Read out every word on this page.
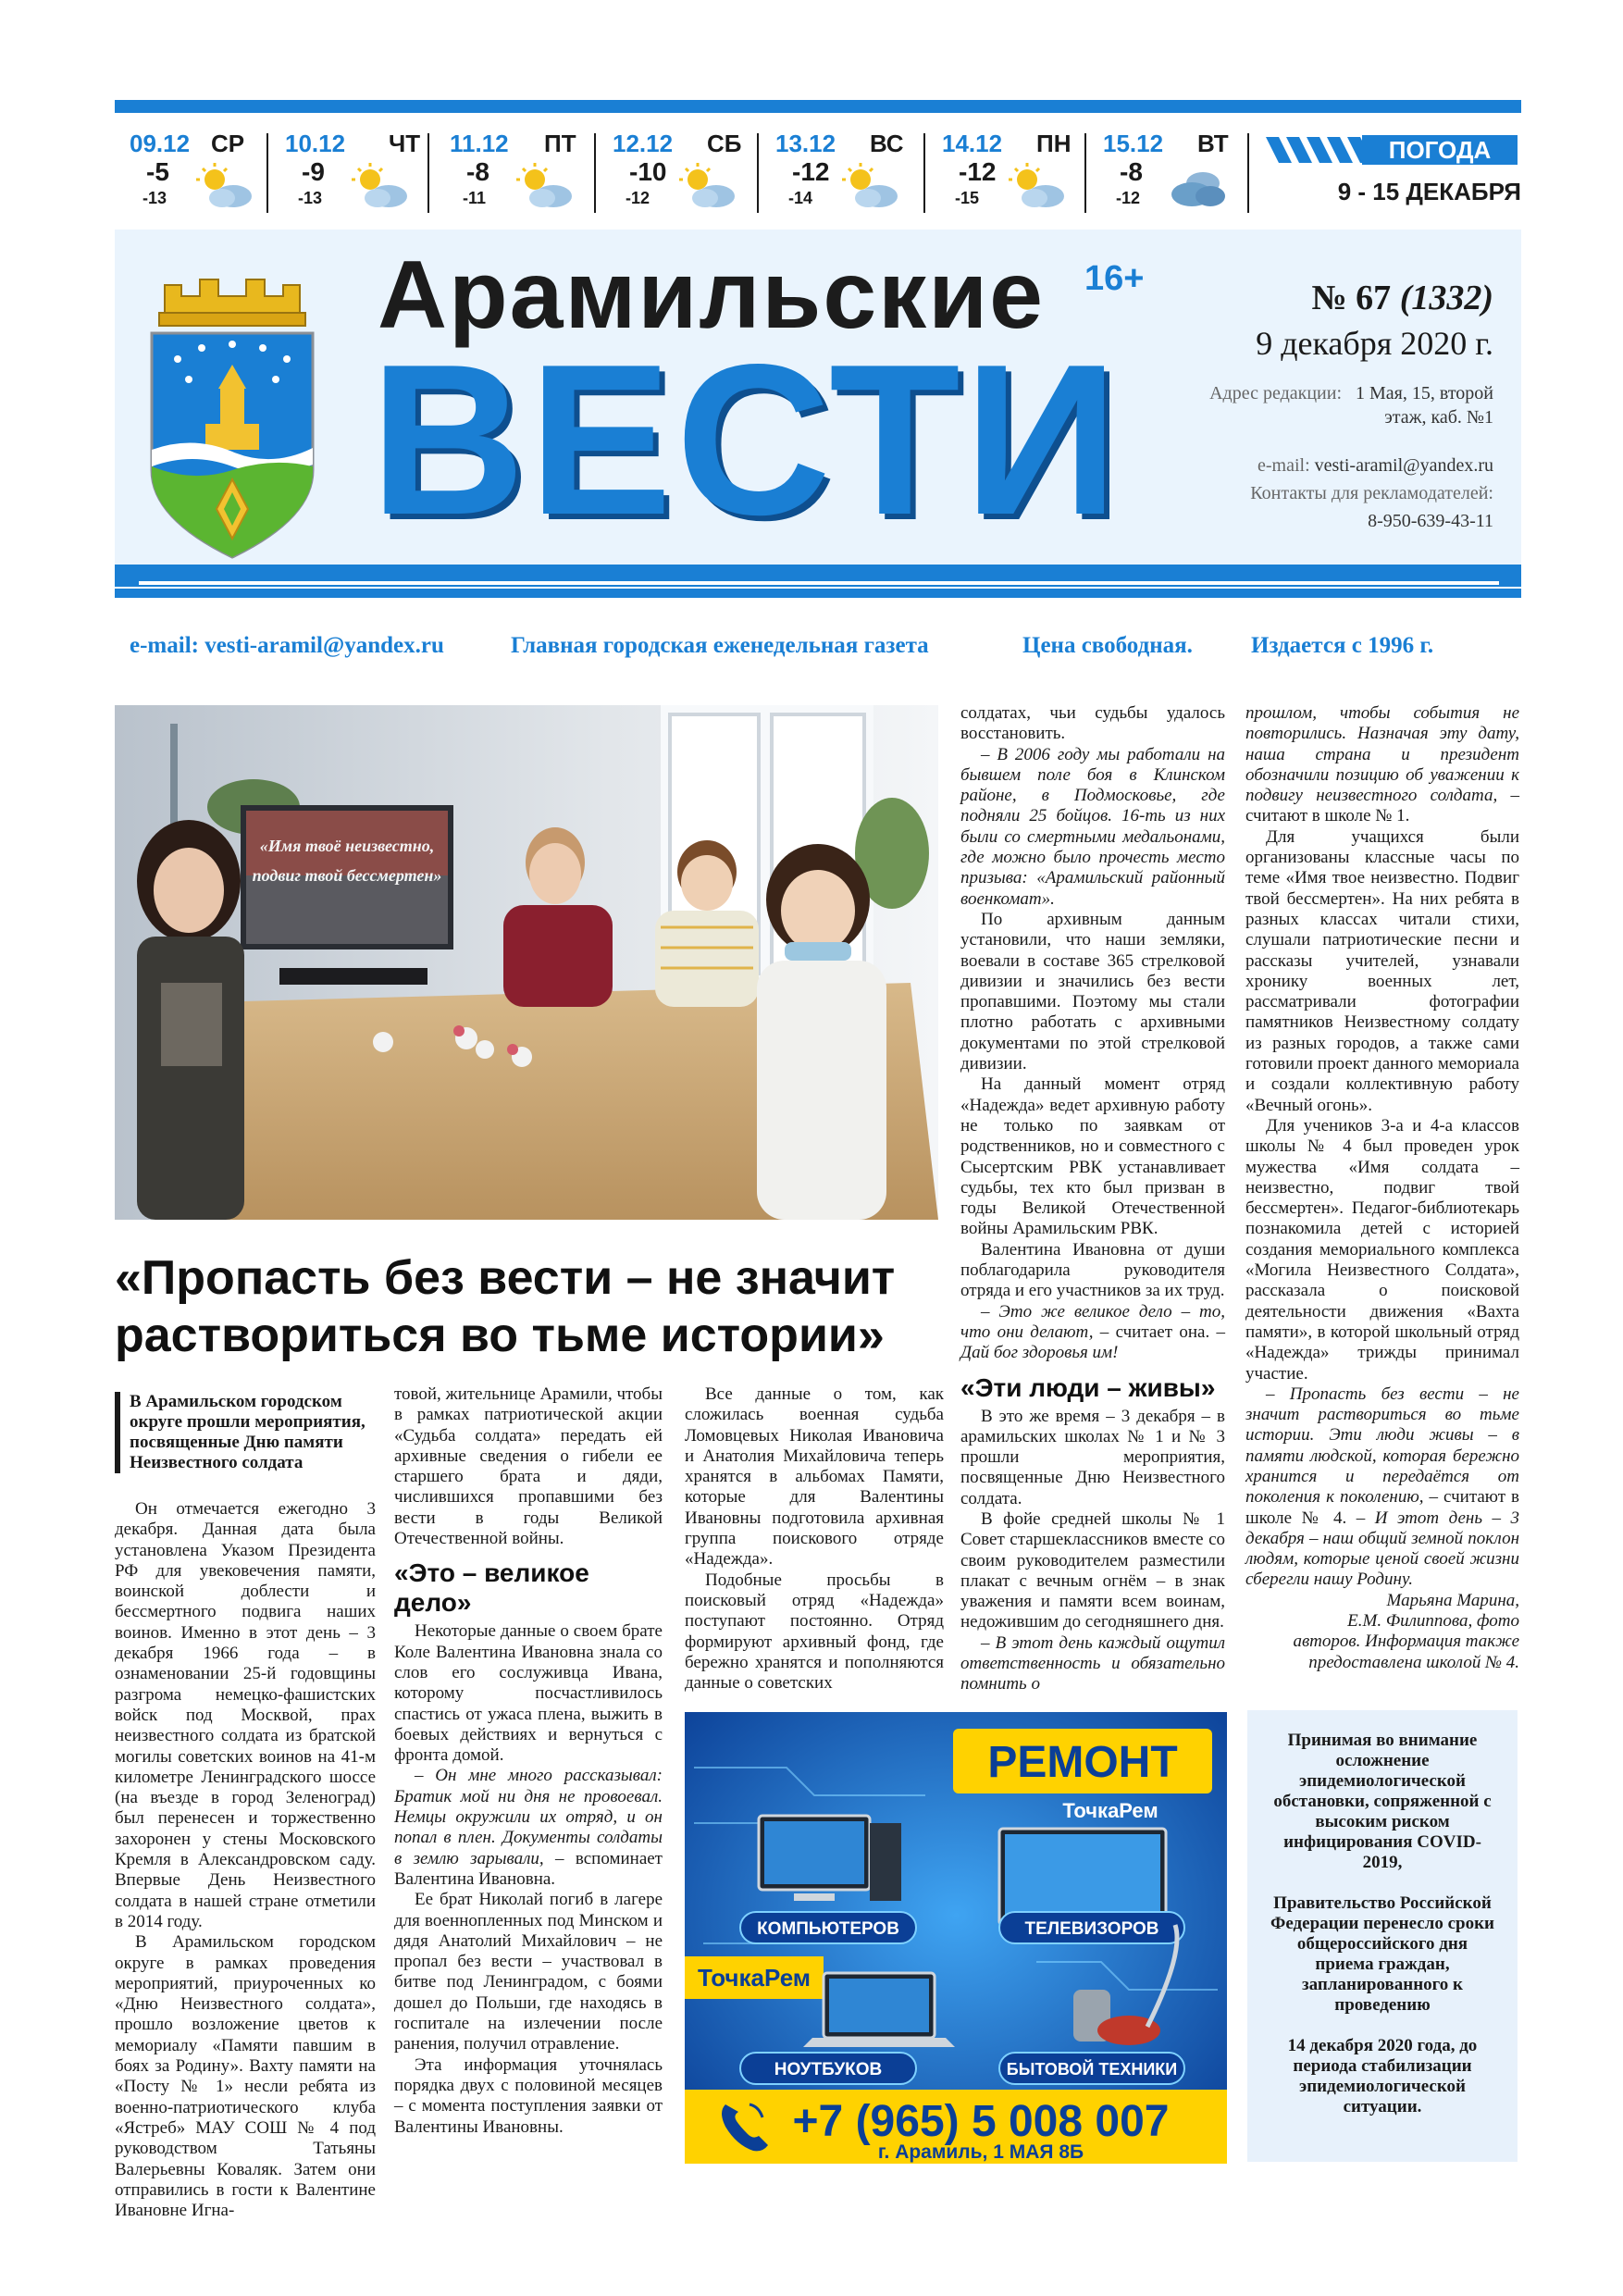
09.12 СР
-5
-13
10.12 ЧТ
-9
-13
11.12 ПТ
-8
-11
12.12 СБ
-10
-12
13.12 ВС
-12
-14
14.12 ПН
-12
-15
15.12 ВТ
-8
-12
ПОГОДА
9 - 15 ДЕКАБРЯ
Арамильские
ВЕСТИ
16+	№ 67 (1332)
9 декабря 2020 г.
Адрес редакции: 1 Мая, 15, второй
этаж, каб. №1
e-mail: vesti-aramil@yandex.ru
Контакты для рекламодателей:
8-950-639-43-11
e-mail: vesti-aramil@yandex.ru	Главная городская еженедельная газета	Цена свободная.	Издается с 1996 г.
«Имя твоё неизвестно,
подвиг твой бессмертен»
«Пропасть без вести – не значит
раствориться во тьме истории»
В Арамильском городском округе прошли мероприятия, посвященные Дню памяти Неизвестного солдата

Он отмечается ежегодно 3 декабря. Данная дата была установлена Указом Президента РФ для увековечения памяти, воинской доблести и бессмертного подвига наших воинов. Именно в этот день – 3 декабря 1966 года – в ознаменовании 25-й годовщины разгрома немецко-фашистских войск под Москвой, прах неизвестного солдата из братской могилы советских воинов на 41-м километре Ленинградского шоссе (на въезде в город Зеленоград) был перенесен и торжественно захоронен у стены Московского Кремля в Александровском саду. Впервые День Неизвестного солдата в нашей стране отметили в 2014 году.

В Арамильском городском округе в рамках проведения мероприятий, приуроченных ко «Дню Неизвестного солдата», прошло возложение цветов к мемориалу «Памяти павшим в боях за Родину». Вахту памяти на «Посту № 1» несли ребята из военно-патриотического клуба «Ястреб» МАУ СОШ № 4 под руководством Татьяны Валерьевны Коваляк. Затем они отправились в гости к Валентине Ивановне Игна-

товой, жительнице Арамили, чтобы в рамках патриотической акции «Судьба солдата» передать ей архивные сведения о гибели ее старшего брата и дяди, числившихся пропавшими без вести в годы Великой Отечественной войны.

«Это – великое дело»

Некоторые данные о своем брате Коле Валентина Ивановна знала со слов его сослуживца Ивана, которому посчастливилось спастись от ужаса плена, выжить в боевых действиях и вернуться с фронта домой.

– Он мне много рассказывал: Братик мой ни дня не провоевал. Немцы окружили их отряд, и он попал в плен. Документы солдаты в землю зарывали, – вспоминает Валентина Ивановна.

Ее брат Николай погиб в лагере для военнопленных под Минском и дядя Анатолий Михайлович – не пропал без вести – участвовал в битве под Ленинградом, с боями дошел до Польши, где находясь в госпитале на излечении после ранения, получил отравление.

Эта информация уточнялась порядка двух с половиной месяцев – с момента поступления заявки от Валентины Ивановны.

Все данные о том, как сложилась военная судьба Ломовцевых Николая Ивановича и Анатолия Михайловича теперь хранятся в альбомах Памяти, которые для Валентины Ивановны подготовила архивная группа поискового отряде «Надежда».

Подобные просьбы в поисковый отряд «Надежда» поступают постоянно. Отряд формируют архивный фонд, где бережно хранятся и пополняются данные о советских

солдатах, чьи судьбы удалось восстановить.

– В 2006 году мы работали на бывшем поле боя в Клинском районе, в Подмосковье, где подняли 25 бойцов. 16-ть из них были со смертными медальонами, где можно было прочесть место призыва: «Арамильский районный военкомат».

По архивным данным установили, что наши земляки, воевали в составе 365 стрелковой дивизии и значились без вести пропавшими. Поэтому мы стали плотно работать с архивными документами по этой стрелковой дивизии.

На данный момент отряд «Надежда» ведет архивную работу не только по заявкам от родственников, но и совместного с Сысертским РВК устанавливает судьбы, тех кто был призван в годы Великой Отечественной войны Арамильским РВК.

Валентина Ивановна от души поблагодарила руководителя отряда и его участников за их труд.

– Это же великое дело – то, что они делают, – считает она. – Дай бог здоровья им!

«Эти люди – живы»

В это же время – 3 декабря – в арамильских школах № 1 и № 3 прошли мероприятия, посвященные Дню Неизвестного солдата.

В фойе средней школы № 1 Совет старшеклассников вместе со своим руководителем разместили плакат с вечным огнём – в знак уважения и памяти всем воинам, недожившим до сегодняшнего дня.

– В этот день каждый ощутил ответственность и обязательно помнить о

прошлом, чтобы события не повторились. Назначая эту дату, наша страна и президент обозначили позицию об уважении к подвигу неизвестного солдата, – считают в школе № 1.

Для учащихся были организованы классные часы по теме «Имя твое неизвестно. Подвиг твой бессмертен». На них ребята в разных классах читали стихи, слушали патриотические песни и рассказы учителей, узнавали хронику военных лет, рассматривали фотографии памятников Неизвестному солдату из разных городов, а также сами готовили проект данного мемориала и создали коллективную работу «Вечный огонь».

Для учеников 3-а и 4-а классов школы № 4 был проведен урок мужества «Имя солдата – неизвестно, подвиг твой бессмертен». Педагог-библиотекарь познакомила детей с историей создания мемориального комплекса «Могила Неизвестного Солдата», рассказала о поисковой деятельности движения «Вахта памяти», в которой школьный отряд «Надежда» трижды принимал участие.

– Пропасть без вести – не значит раствориться во тьме истории. Эти люди живы – в памяти людской, которая бережно хранится и передаётся от поколения к поколению, – считают в школе № 4. – И этот день – 3 декабря – наш общий земной поклон людям, которые ценой своей жизни сберегли нашу Родину.

Марьяна Марина,

Е.М. Филиппова, фото

авторов. Информация также предоставлена школой № 4.

РЕМОНТ
ТочкаРем
КОМПЬЮТЕРОВ	ТЕЛЕВИЗОРОВ
ТочкаРем
НОУТБУКОВ	БЫТОВОЙ ТЕХНИКИ
+7 (965) 5 008 007
г. Арамиль, 1 МАЯ 8Б

Принимая во внимание осложнение эпидемиологической обстановки, сопряженной с высоким риском инфицирования COVID-2019,

Правительство Российской Федерации перенесло сроки общероссийского дня приема граждан, запланированного к проведению

14 декабря 2020 года, до периода стабилизации эпидемиологической ситуации.
